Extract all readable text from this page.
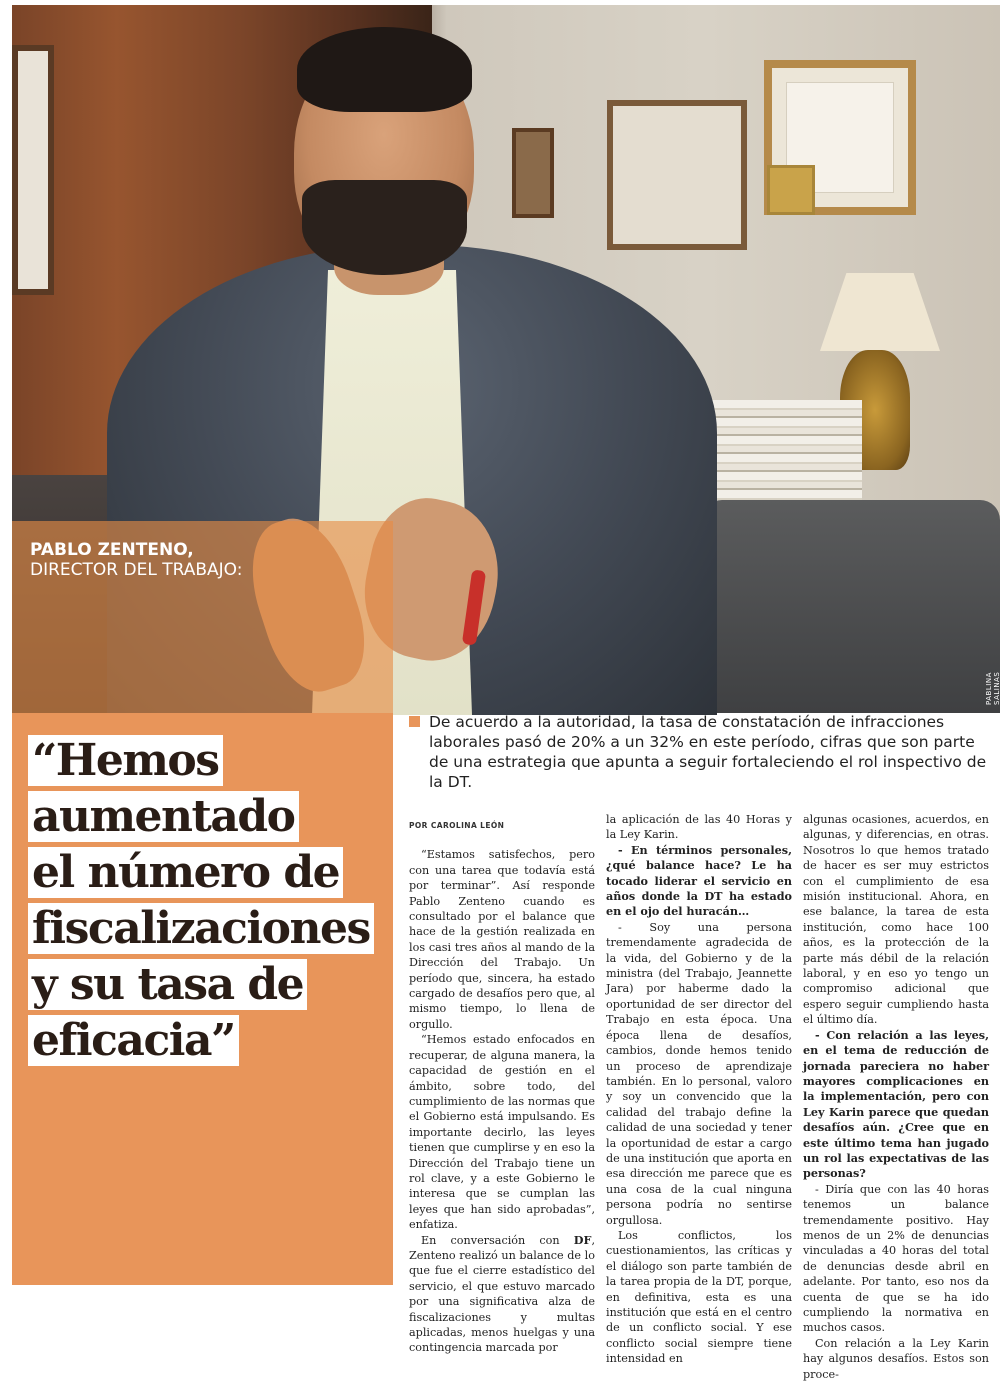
PABLO ZENTENO,
DIRECTOR DEL TRABAJO:
PABLINA SALINAS
“Hemos
aumentado
el número de
fiscalizaciones
y su tasa de
eficacia”
De acuerdo a la autoridad, la tasa de constatación de infracciones laborales pasó de 20% a un 32% en este período, cifras que son parte de una estrategia que apunta a seguir fortaleciendo el rol inspectivo de la DT.
POR CAROLINA LEÓN

“Estamos satisfechos, pero con una tarea que todavía está por terminar”. Así responde Pablo Zenteno cuando es consultado por el balance que hace de la gestión realizada en los casi tres años al mando de la Dirección del Trabajo. Un período que, sincera, ha estado cargado de desafíos pero que, al mismo tiempo, lo llena de orgullo.

“Hemos estado enfocados en recuperar, de alguna manera, la capacidad de gestión en el ámbito, sobre todo, del cumplimiento de las normas que el Gobierno está impulsando. Es importante decirlo, las leyes tienen que cumplirse y en eso la Dirección del Trabajo tiene un rol clave, y a este Gobierno le interesa que se cumplan las leyes que han sido aprobadas”, enfatiza.

En conversación con DF, Zenteno realizó un balance de lo que fue el cierre estadístico del servicio, el que estuvo marcado por una significativa alza de fiscalizaciones y multas aplicadas, menos huelgas y una contingencia marcada por

la aplicación de las 40 Horas y la Ley Karin.

- En términos personales, ¿qué balance hace? Le ha tocado liderar el servicio en años donde la DT ha estado en el ojo del huracán…

- Soy una persona tremendamente agradecida de la vida, del Gobierno y de la ministra (del Trabajo, Jeannette Jara) por haberme dado la oportunidad de ser director del Trabajo en esta época. Una época llena de desafíos, cambios, donde hemos tenido un proceso de aprendizaje también. En lo personal, valoro y soy un convencido que la calidad del trabajo define la calidad de una sociedad y tener la oportunidad de estar a cargo de una institución que aporta en esa dirección me parece que es una cosa de la cual ninguna persona podría no sentirse orgullosa.

Los conflictos, los cuestionamientos, las críticas y el diálogo son parte también de la tarea propia de la DT, porque, en definitiva, esta es una institución que está en el centro de un conflicto social. Y ese conflicto social siempre tiene intensidad en

algunas ocasiones, acuerdos, en algunas, y diferencias, en otras. Nosotros lo que hemos tratado de hacer es ser muy estrictos con el cumplimiento de esa misión institucional. Ahora, en ese balance, la tarea de esta institución, como hace 100 años, es la protección de la parte más débil de la relación laboral, y en eso yo tengo un compromiso adicional que espero seguir cumpliendo hasta el último día.

- Con relación a las leyes, en el tema de reducción de jornada pareciera no haber mayores complicaciones en la implementación, pero con Ley Karin parece que quedan desafíos aún. ¿Cree que en este último tema han jugado un rol las expectativas de las personas?

- Diría que con las 40 horas tenemos un balance tremendamente positivo. Hay menos de un 2% de denuncias vinculadas a 40 horas del total de denuncias desde abril en adelante. Por tanto, eso nos da cuenta de que se ha ido cumpliendo la normativa en muchos casos.

Con relación a la Ley Karin hay algunos desafíos. Estos son proce-
